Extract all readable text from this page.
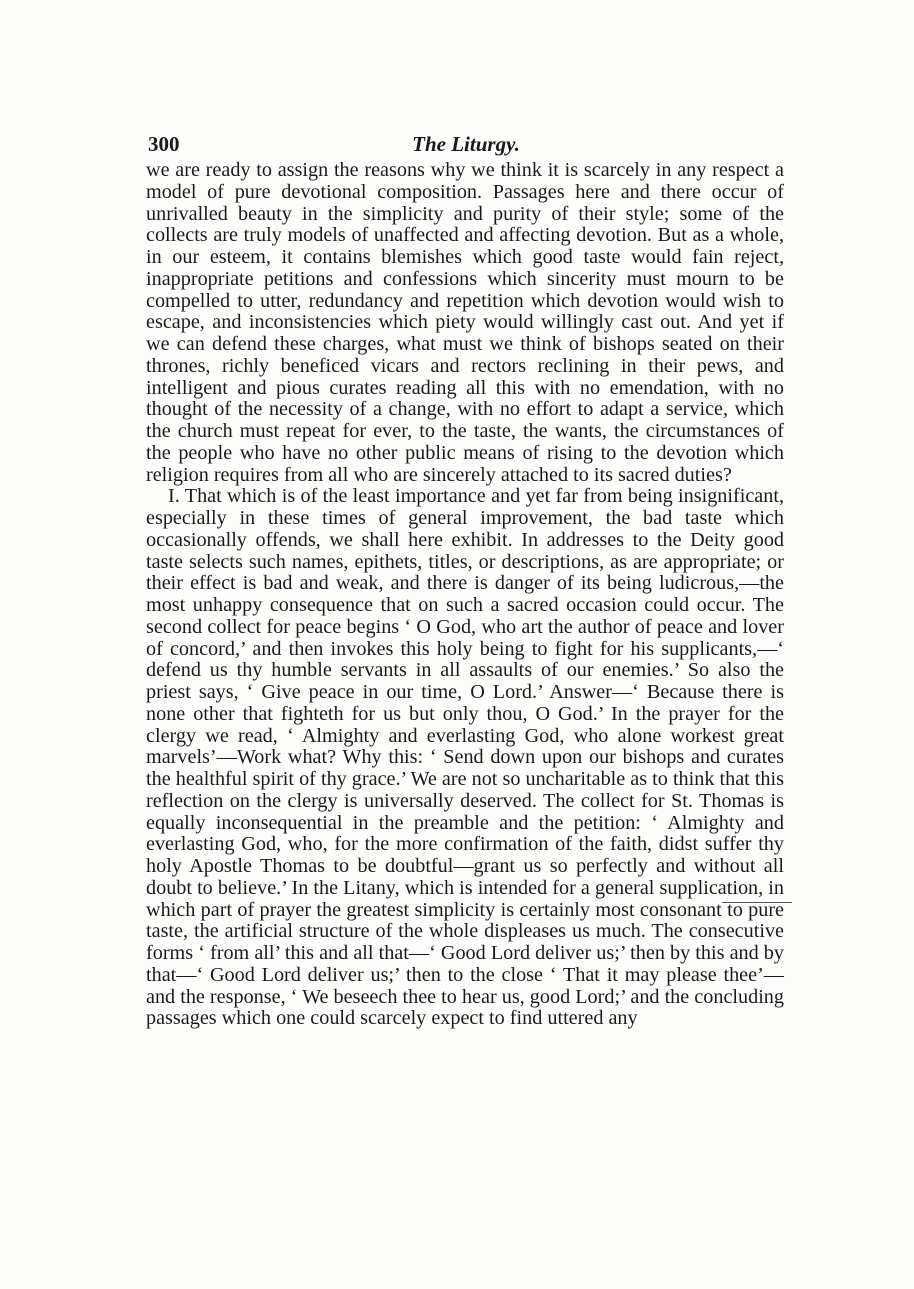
300	The Liturgy.

we are ready to assign the reasons why we think it is scarcely in any respect a model of pure devotional composition. Passages here and there occur of unrivalled beauty in the simplicity and purity of their style; some of the collects are truly models of unaffected and affecting devotion. But as a whole, in our esteem, it contains blemishes which good taste would fain reject, inappropriate petitions and confessions which sincerity must mourn to be compelled to utter, redundancy and repetition which devotion would wish to escape, and inconsistencies which piety would willingly cast out. And yet if we can defend these charges, what must we think of bishops seated on their thrones, richly beneficed vicars and rectors reclining in their pews, and intelligent and pious curates reading all this with no emendation, with no thought of the necessity of a change, with no effort to adapt a service, which the church must repeat for ever, to the taste, the wants, the circumstances of the people who have no other public means of rising to the devotion which religion requires from all who are sincerely attached to its sacred duties?

I. That which is of the least importance and yet far from being insignificant, especially in these times of general improvement, the bad taste which occasionally offends, we shall here exhibit. In addresses to the Deity good taste selects such names, epithets, titles, or descriptions, as are appropriate; or their effect is bad and weak, and there is danger of its being ludicrous,—the most unhappy consequence that on such a sacred occasion could occur. The second collect for peace begins ‘ O God, who art the author of peace and lover of concord,’ and then invokes this holy being to fight for his supplicants,—‘ defend us thy humble servants in all assaults of our enemies.’ So also the priest says, ‘ Give peace in our time, O Lord.’ Answer—‘ Because there is none other that fighteth for us but only thou, O God.’ In the prayer for the clergy we read, ‘ Almighty and everlasting God, who alone workest great marvels’—Work what? Why this: ‘ Send down upon our bishops and curates the healthful spirit of thy grace.’ We are not so uncharitable as to think that this reflection on the clergy is universally deserved. The collect for St. Thomas is equally inconsequential in the preamble and the petition: ‘ Almighty and everlasting God, who, for the more confirmation of the faith, didst suffer thy holy Apostle Thomas to be doubtful—grant us so perfectly and without all doubt to believe.’ In the Litany, which is intended for a general supplication, in which part of prayer the greatest simplicity is certainly most consonant to pure taste, the artificial structure of the whole displeases us much. The consecutive forms ‘ from all’ this and all that—‘ Good Lord deliver us;’ then by this and by that—‘ Good Lord deliver us;’ then to the close ‘ That it may please thee’—and the response, ‘ We beseech thee to hear us, good Lord;’ and the concluding passages which one could scarcely expect to find uttered any
